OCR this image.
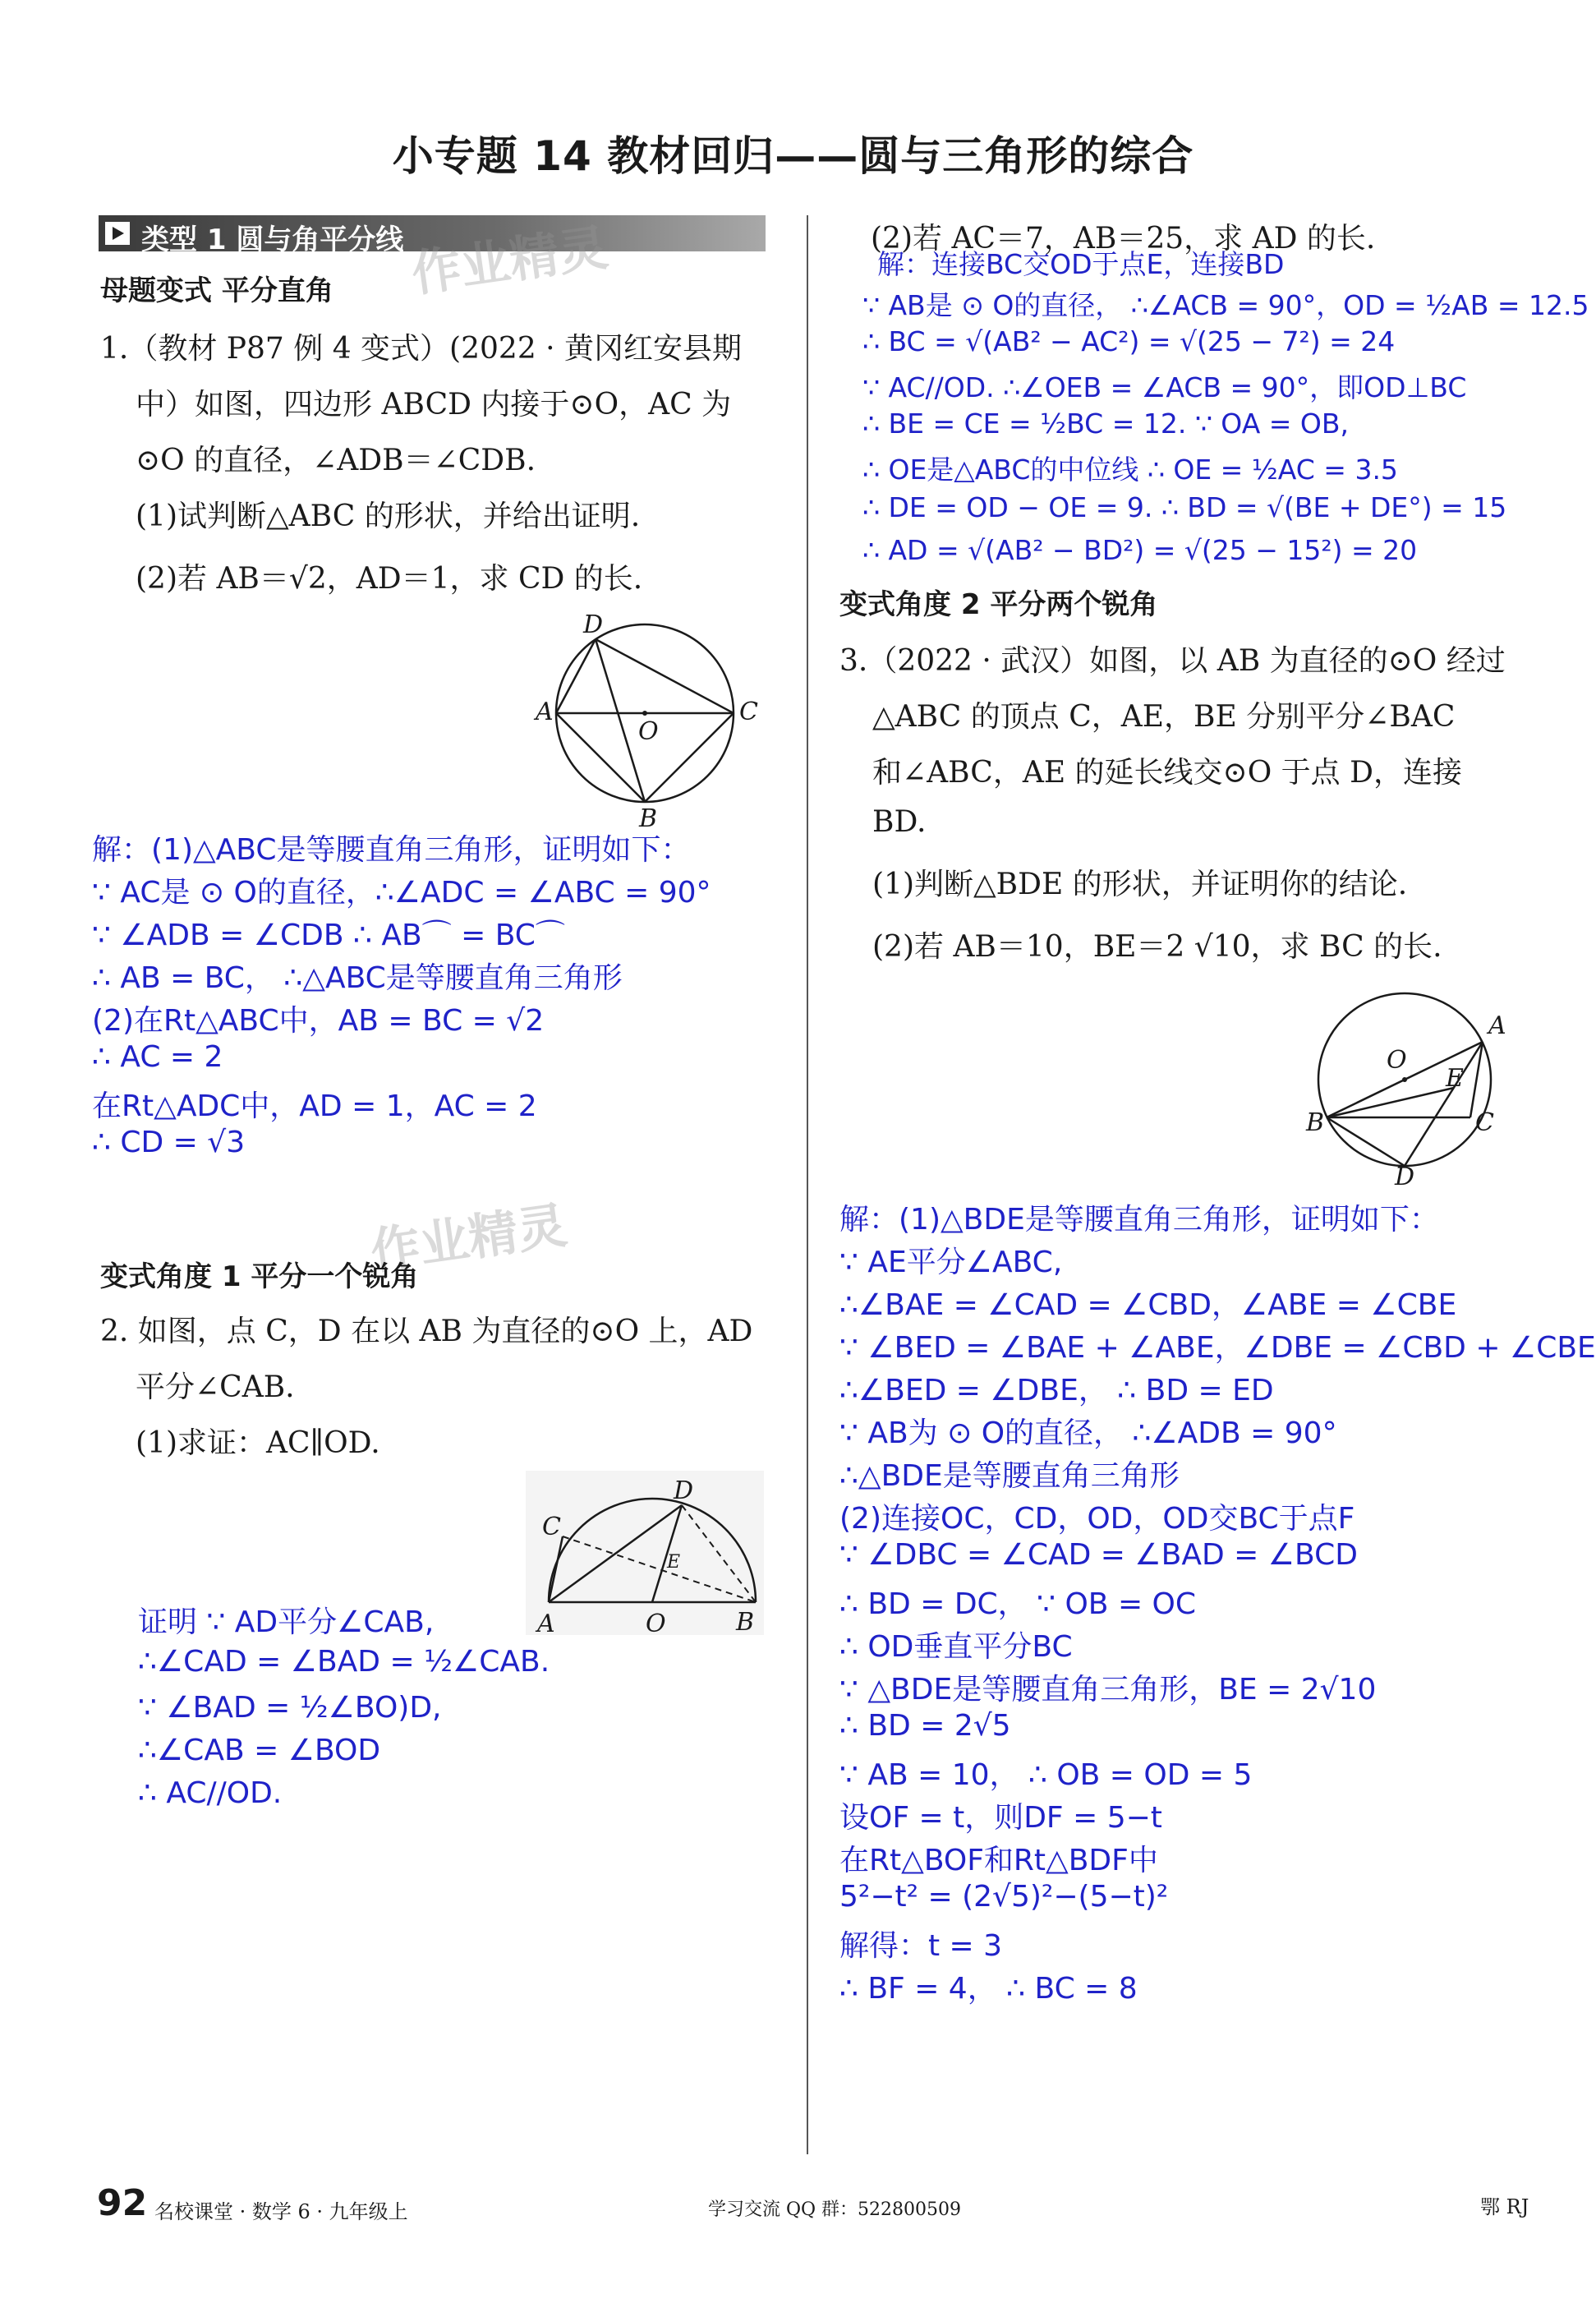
小专题 14 教材回归——圆与三角形的综合
类型 1 圆与角平分线 作业精灵
作业精灵
母题变式 平分直角
1.（教材 P87 例 4 变式）(2022 · 黄冈红安县期
中）如图，四边形 ABCD 内接于⊙O，AC 为
⊙O 的直径，∠ADB＝∠CDB.
(1)试判断△ABC 的形状，并给出证明.
(2)若 AB＝√2，AD＝1，求 CD 的长.
D
A
O
C
B
解：(1)△ABC是等腰直角三角形，证明如下：
∵ AC是 ⊙ O的直径，∴∠ADC = ∠ABC = 90°
∵ ∠ADB = ∠CDB ∴ AB⌒ = BC⌒
∴ AB = BC， ∴△ABC是等腰直角三角形
(2)在Rt△ABC中，AB = BC = √2
∴ AC = 2
在Rt△ADC中，AD = 1，AC = 2
∴ CD = √3
变式角度 1 平分一个锐角
2. 如图，点 C，D 在以 AB 为直径的⊙O 上，AD
平分∠CAB.
(1)求证：AC∥OD.
D
C
E
A	O	B
证明 ∵ AD平分∠CAB,
∴∠CAD = ∠BAD = ½∠CAB.
∵ ∠BAD = ½∠BO)D,
∴∠CAB = ∠BOD
∴ AC//OD.
(2)若 AC＝7，AB＝25，求 AD 的长.
解：连接BC交OD于点E，连接BD
∵ AB是 ⊙ O的直径， ∴∠ACB = 90°，OD = ½AB = 12.5
∴ BC = √(AB² − AC²) = √(25 − 7²) = 24
∵ AC//OD. ∴∠OEB = ∠ACB = 90°，即OD⊥BC
∴ BE = CE = ½BC = 12. ∵ OA = OB,
∴ OE是△ABC的中位线 ∴ OE = ½AC = 3.5
∴ DE = OD − OE = 9. ∴ BD = √(BE + DE°) = 15
∴ AD = √(AB² − BD²) = √(25 − 15²) = 20
变式角度 2 平分两个锐角
3.（2022 · 武汉）如图，以 AB 为直径的⊙O 经过
△ABC 的顶点 C，AE，BE 分别平分∠BAC
和∠ABC，AE 的延长线交⊙O 于点 D，连接
BD.
(1)判断△BDE 的形状，并证明你的结论.
(2)若 AB＝10，BE＝2 √10，求 BC 的长.
A
O
E
B	C
D
解：(1)△BDE是等腰直角三角形，证明如下：
∵ AE平分∠ABC,
∴∠BAE = ∠CAD = ∠CBD，∠ABE = ∠CBE
∵ ∠BED = ∠BAE + ∠ABE，∠DBE = ∠CBD + ∠CBE
∴∠BED = ∠DBE， ∴ BD = ED
∵ AB为 ⊙ O的直径， ∴∠ADB = 90°
∴△BDE是等腰直角三角形
(2)连接OC，CD，OD，OD交BC于点F
∵ ∠DBC = ∠CAD = ∠BAD = ∠BCD
∴ BD = DC， ∵ OB = OC
∴ OD垂直平分BC
∵ △BDE是等腰直角三角形，BE = 2√10
∴ BD = 2√5
∵ AB = 10， ∴ OB = OD = 5
设OF = t，则DF = 5−t
在Rt△BOF和Rt△BDF中
5²−t² = (2√5)²−(5−t)²
解得：t = 3
∴ BF = 4， ∴ BC = 8
92 名校课堂 · 数学 6 · 九年级上	学习交流 QQ 群：522800509	鄂 RJ
